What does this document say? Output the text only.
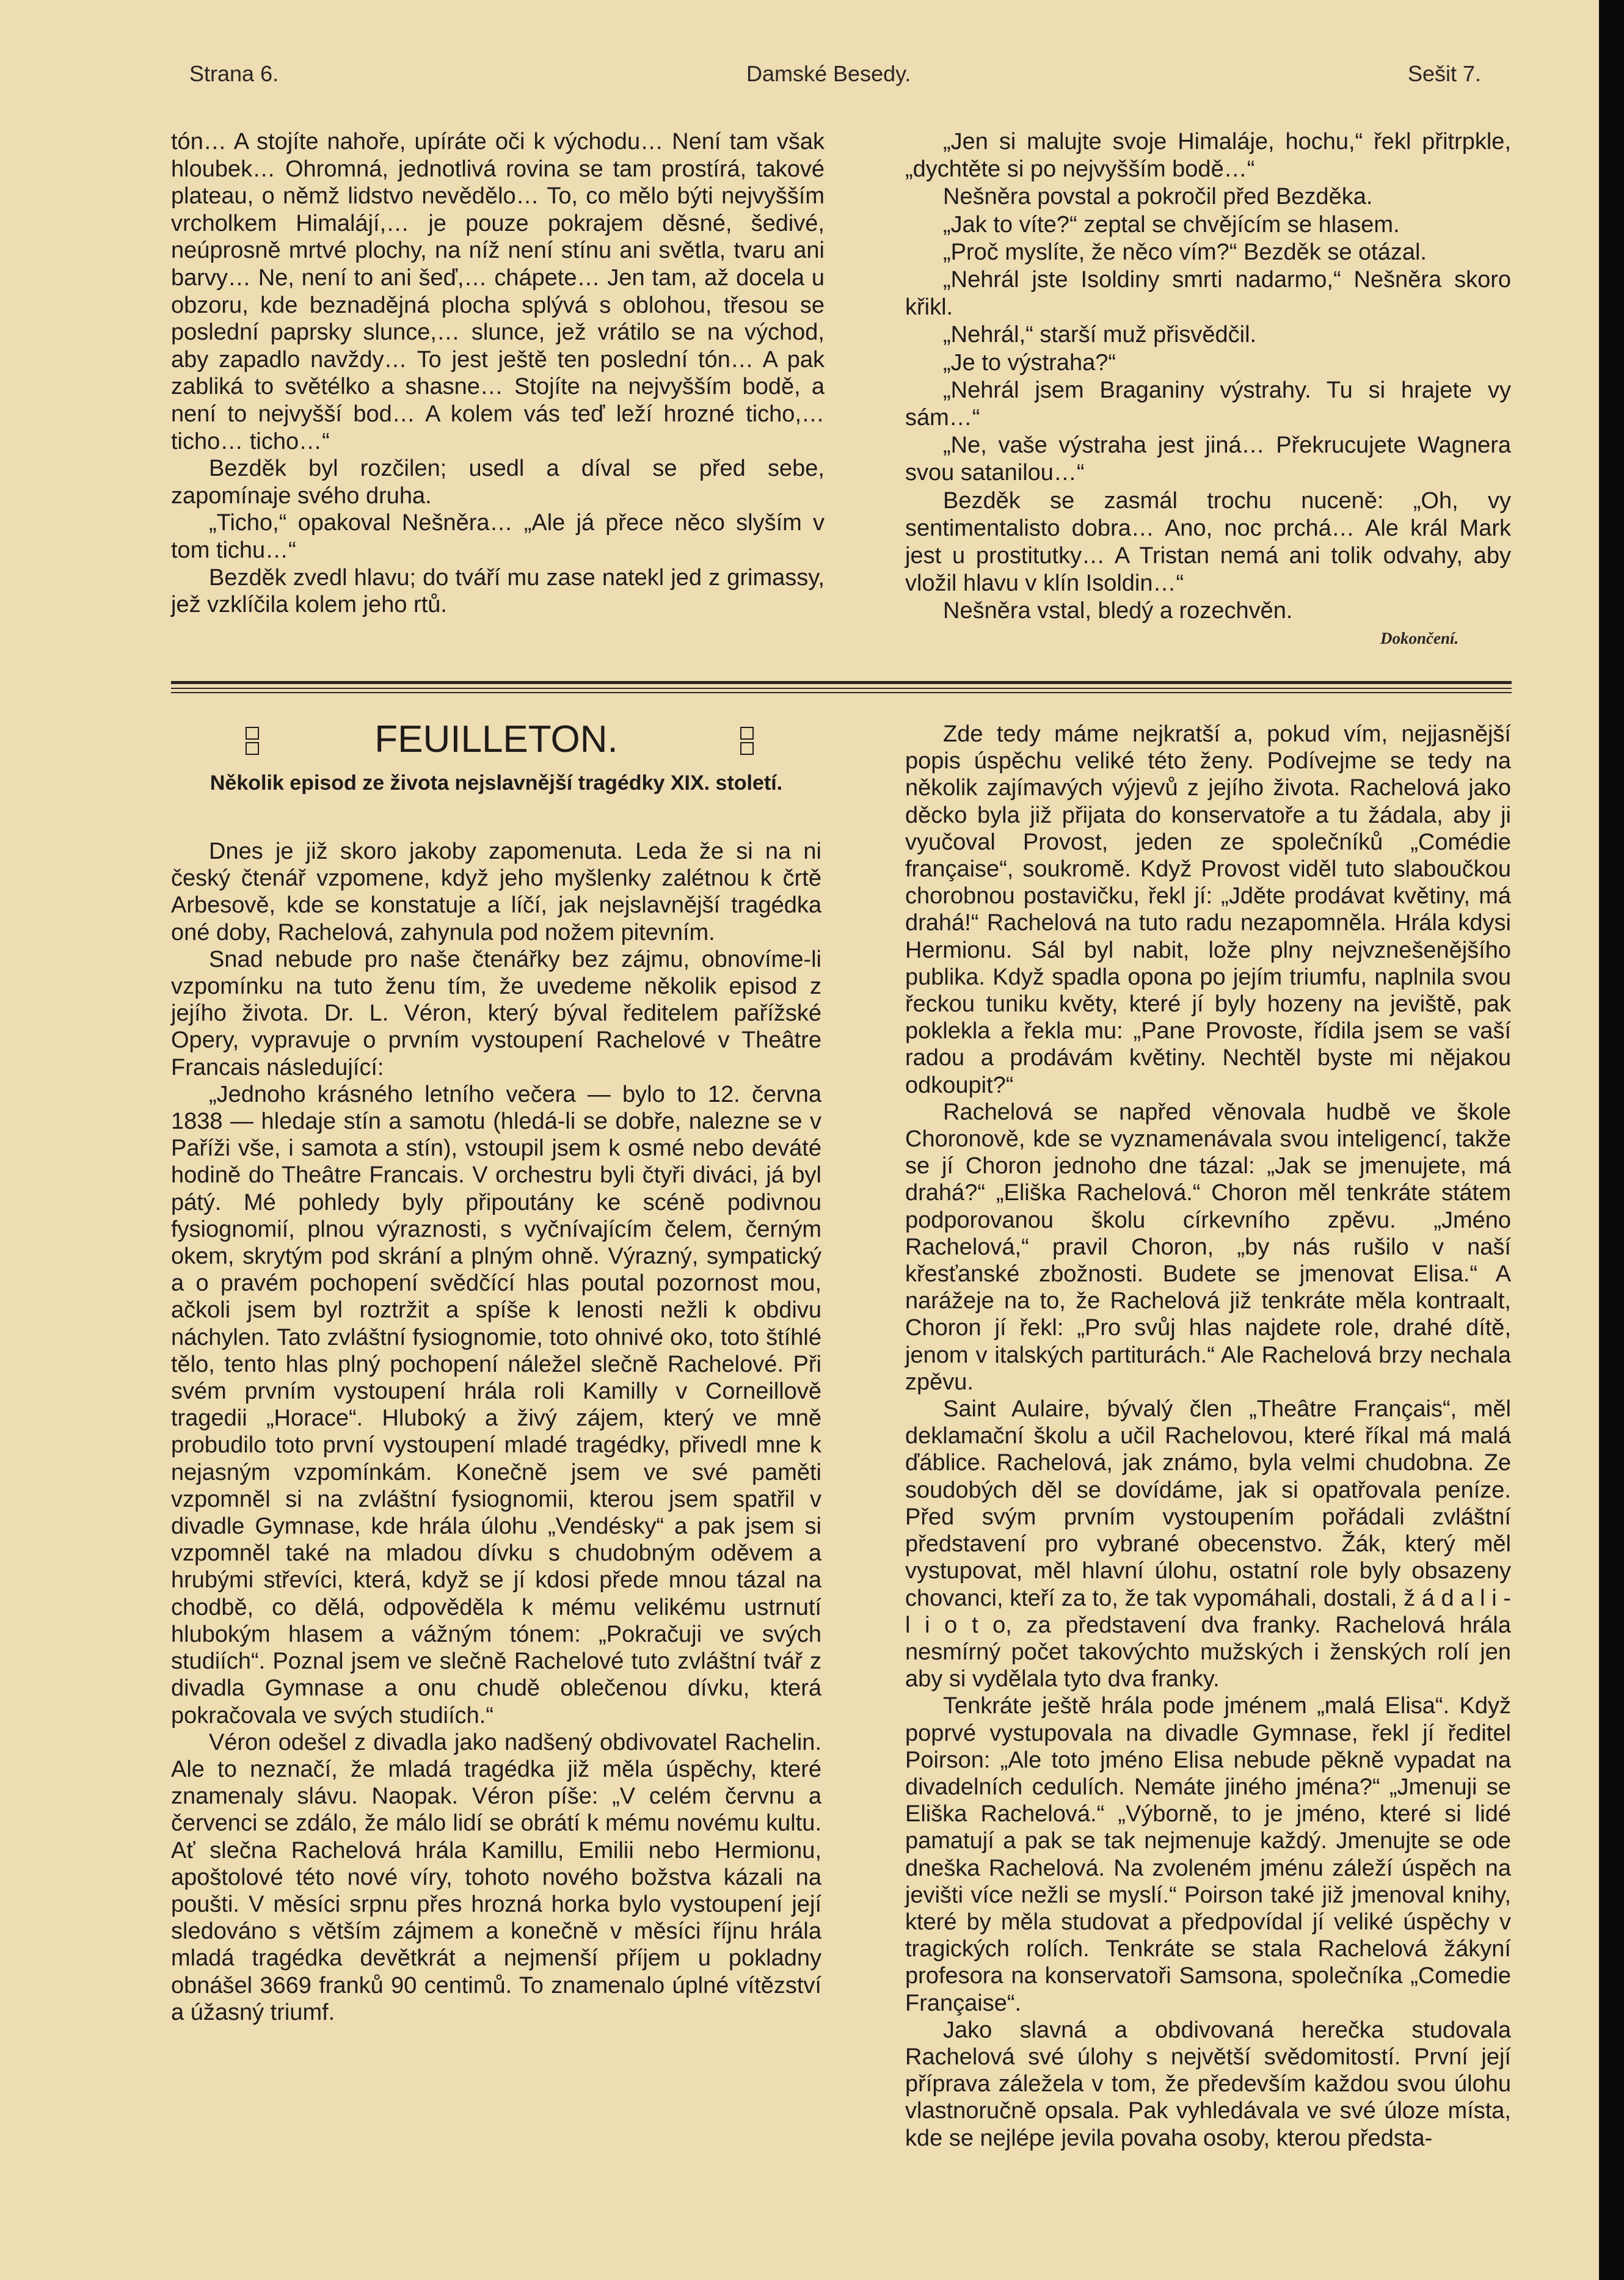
Strana 6.	Damské Besedy.	Sešit 7.

tón… A stojíte nahoře, upíráte oči k východu… Není tam však hloubek… Ohromná, jednotlivá rovina se tam prostírá, takové plateau, o němž lidstvo nevědělo… To, co mělo býti nejvyšším vrcholkem Himalájí,… je pouze pokrajem děsné, šedivé, neúprosně mrtvé plochy, na níž není stínu ani světla, tvaru ani barvy… Ne, není to ani šeď,… chápete… Jen tam, až docela u obzoru, kde beznadějná plocha splývá s oblohou, třesou se poslední paprsky slunce,… slunce, jež vrátilo se na východ, aby zapadlo navždy… To jest ještě ten poslední tón… A pak zabliká to světélko a shasne… Stojíte na nejvyšším bodě, a není to nejvyšší bod… A kolem vás teď leží hrozné ticho,… ticho… ticho…“

Bezděk byl rozčilen; usedl a díval se před sebe, zapomínaje svého druha.

„Ticho,“ opakoval Nešněra… „Ale já přece něco slyším v tom tichu…“

Bezděk zvedl hlavu; do tváří mu zase natekl jed z grimassy, jež vzklíčila kolem jeho rtů.

„Jen si malujte svoje Himaláje, hochu,“ řekl přitrpkle, „dychtěte si po nejvyšším bodě…“

Nešněra povstal a pokročil před Bezděka.

„Jak to víte?“ zeptal se chvějícím se hlasem.

„Proč myslíte, že něco vím?“ Bezděk se otázal.

„Nehrál jste Isoldiny smrti nadarmo,“ Nešněra skoro křikl.

„Nehrál,“ starší muž přisvědčil.

„Je to výstraha?“

„Nehrál jsem Braganiny výstrahy. Tu si hrajete vy sám…“

„Ne, vaše výstraha jest jiná… Překrucujete Wagnera svou satanilou…“

Bezděk se zasmál trochu nuceně: „Oh, vy sentimentalisto dobra… Ano, noc prchá… Ale král Mark jest u prostitutky… A Tristan nemá ani tolik odvahy, aby vložil hlavu v klín Isoldin…“

Nešněra vstal, bledý a rozechvěn.

Dokončení.
FEUILLETON.
Několik episod ze života nejslavnější tragédky XIX. století.

Dnes je již skoro jakoby zapomenuta. Leda že si na ni český čtenář vzpomene, když jeho myšlenky zalétnou k črtě Arbesově, kde se konstatuje a líčí, jak nejslavnější tragédka oné doby, Rachelová, zahynula pod nožem pitevním.

Snad nebude pro naše čtenářky bez zájmu, obnovíme-li vzpomínku na tuto ženu tím, že uvedeme několik episod z jejího života. Dr. L. Véron, který býval ředitelem pařížské Opery, vypravuje o prvním vystoupení Rachelové v Theâtre Francais následující:

„Jednoho krásného letního večera — bylo to 12. června 1838 — hledaje stín a samotu (hledá-li se dobře, nalezne se v Paříži vše, i samota a stín), vstoupil jsem k osmé nebo deváté hodině do Theâtre Francais. V orchestru byli čtyři diváci, já byl pátý. Mé pohledy byly připoutány ke scéně podivnou fysiognomií, plnou výraznosti, s vyčnívajícím čelem, černým okem, skrytým pod skrání a plným ohně. Výrazný, sympatický a o pravém pochopení svědčící hlas poutal pozornost mou, ačkoli jsem byl roztržit a spíše k lenosti nežli k obdivu náchylen. Tato zvláštní fysiognomie, toto ohnivé oko, toto štíhlé tělo, tento hlas plný pochopení náležel slečně Rachelové. Při svém prvním vystoupení hrála roli Kamilly v Corneillově tragedii „Horace“. Hluboký a živý zájem, který ve mně probudilo toto první vystoupení mladé tragédky, přivedl mne k nejasným vzpomínkám. Konečně jsem ve své paměti vzpomněl si na zvláštní fysiognomii, kterou jsem spatřil v divadle Gymnase, kde hrála úlohu „Vendésky“ a pak jsem si vzpomněl také na mladou dívku s chudobným oděvem a hrubými střevíci, která, když se jí kdosi předе mnou tázal na chodbě, co dělá, odpověděla k mému velikému ustrnutí hlubokým hlasem a vážným tónem: „Pokračuji ve svých studiích“. Poznal jsem ve slečně Rachelové tuto zvláštní tvář z divadla Gymnase a onu chudě oblečenou dívku, která pokračovala ve svých studiích.“

Véron odešel z divadla jako nadšený obdivovatel Rachelin. Ale to neznačí, že mladá tragédka již měla úspěchy, které znamenaly slávu. Naopak. Véron píše: „V celém červnu a červenci se zdálo, že málo lidí se obrátí k mému novému kultu. Ať slečna Rachelová hrála Kamillu, Emilii nebo Hermionu, apoštolové této nové víry, tohoto nového božstva kázali na poušti. V měsíci srpnu přes hrozná horka bylo vystoupení její sledováno s větším zájmem a konečně v měsíci říjnu hrála mladá tragédka devětkrát a nejmenší příjem u pokladny obnášel 3669 franků 90 centimů. To znamenalo úplné vítězství a úžasný triumf.

Zde tedy máme nejkratší a, pokud vím, nejjasnější popis úspěchu veliké této ženy. Podívejme se tedy na několik zajímavých výjevů z jejího života. Rachelová jako děcko byla již přijata do konservatoře a tu žádala, aby ji vyučoval Provost, jeden ze společníků „Comédie française“, soukromě. Když Provost viděl tuto slaboučkou chorobnou postavičku, řekl jí: „Jděte prodávat květiny, má drahá!“ Rachelová na tuto radu nezapomněla. Hrála kdysi Hermionu. Sál byl nabit, lože plny nejvznešenějšího publika. Když spadla opona po jejím triumfu, naplnila svou řeckou tuniku květy, které jí byly hozeny na jeviště, pak poklekla a řekla mu: „Pane Provoste, řídila jsem se vaší radou a prodávám květiny. Nechtěl byste mi nějakou odkoupit?“

Rachelová se napřed věnovala hudbě ve škole Choronově, kde se vyznamenávala svou inteligencí, takže se jí Choron jednoho dne tázal: „Jak se jmenujete, má drahá?“ „Eliška Rachelová.“ Choron měl tenkráte státem podporovanou školu církevního zpěvu. „Jméno Rachelová,“ pravil Choron, „by nás rušilo v naší křesťanské zbožnosti. Budete se jmenovat Elisa.“ A narážeje na to, že Rachelová již tenkráte měla kontraalt, Choron jí řekl: „Pro svůj hlas najdete role, drahé dítě, jenom v italských partiturách.“ Ale Rachelová brzy nechala zpěvu.

Saint Aulaire, bývalý člen „Theâtre Français“, měl deklamační školu a učil Rachelovou, které říkal má malá ďáblice. Rachelová, jak známo, byla velmi chudobna. Ze soudobých děl se dovídáme, jak si opatřovala peníze. Před svým prvním vystoupením pořádali zvláštní představení pro vybrané obecenstvo. Žák, který měl vystupovat, měl hlavní úlohu, ostatní role byly obsazeny chovanci, kteří za to, že tak vypomáhali, dostali, ž á d a l i - l i o t o, za představení dva franky. Rachelová hrála nesmírný počet takovýchto mužských i ženských rolí jen aby si vydělala tyto dva franky.

Tenkráte ještě hrála pode jménem „malá Elisa“. Když poprvé vystupovala na divadle Gymnase, řekl jí ředitel Poirson: „Ale toto jméno Elisa nebude pěkně vypadat na divadelních cedulích. Nemáte jiného jména?“ „Jmenuji se Eliška Rachelová.“ „Výborně, to je jméno, které si lidé pamatují a pak se tak nejmenuje každý. Jmenujte se ode dneška Rachelová. Na zvoleném jménu záleží úspěch na jevišti více nežli se myslí.“ Poirson také již jmenoval knihy, které by měla studovat a předpovídal jí veliké úspěchy v tragických rolích. Tenkráte se stala Rachelová žákyní profesora na konservatoři Samsona, společníka „Comedie Française“.

Jako slavná a obdivovaná herečka studovala Rachelová své úlohy s největší svědomitostí. První její příprava záležela v tom, že především každou svou úlohu vlastnoručně opsala. Pak vyhledávala ve své úloze místa, kde se nejlépe jevila povaha osoby, kterou předsta-
